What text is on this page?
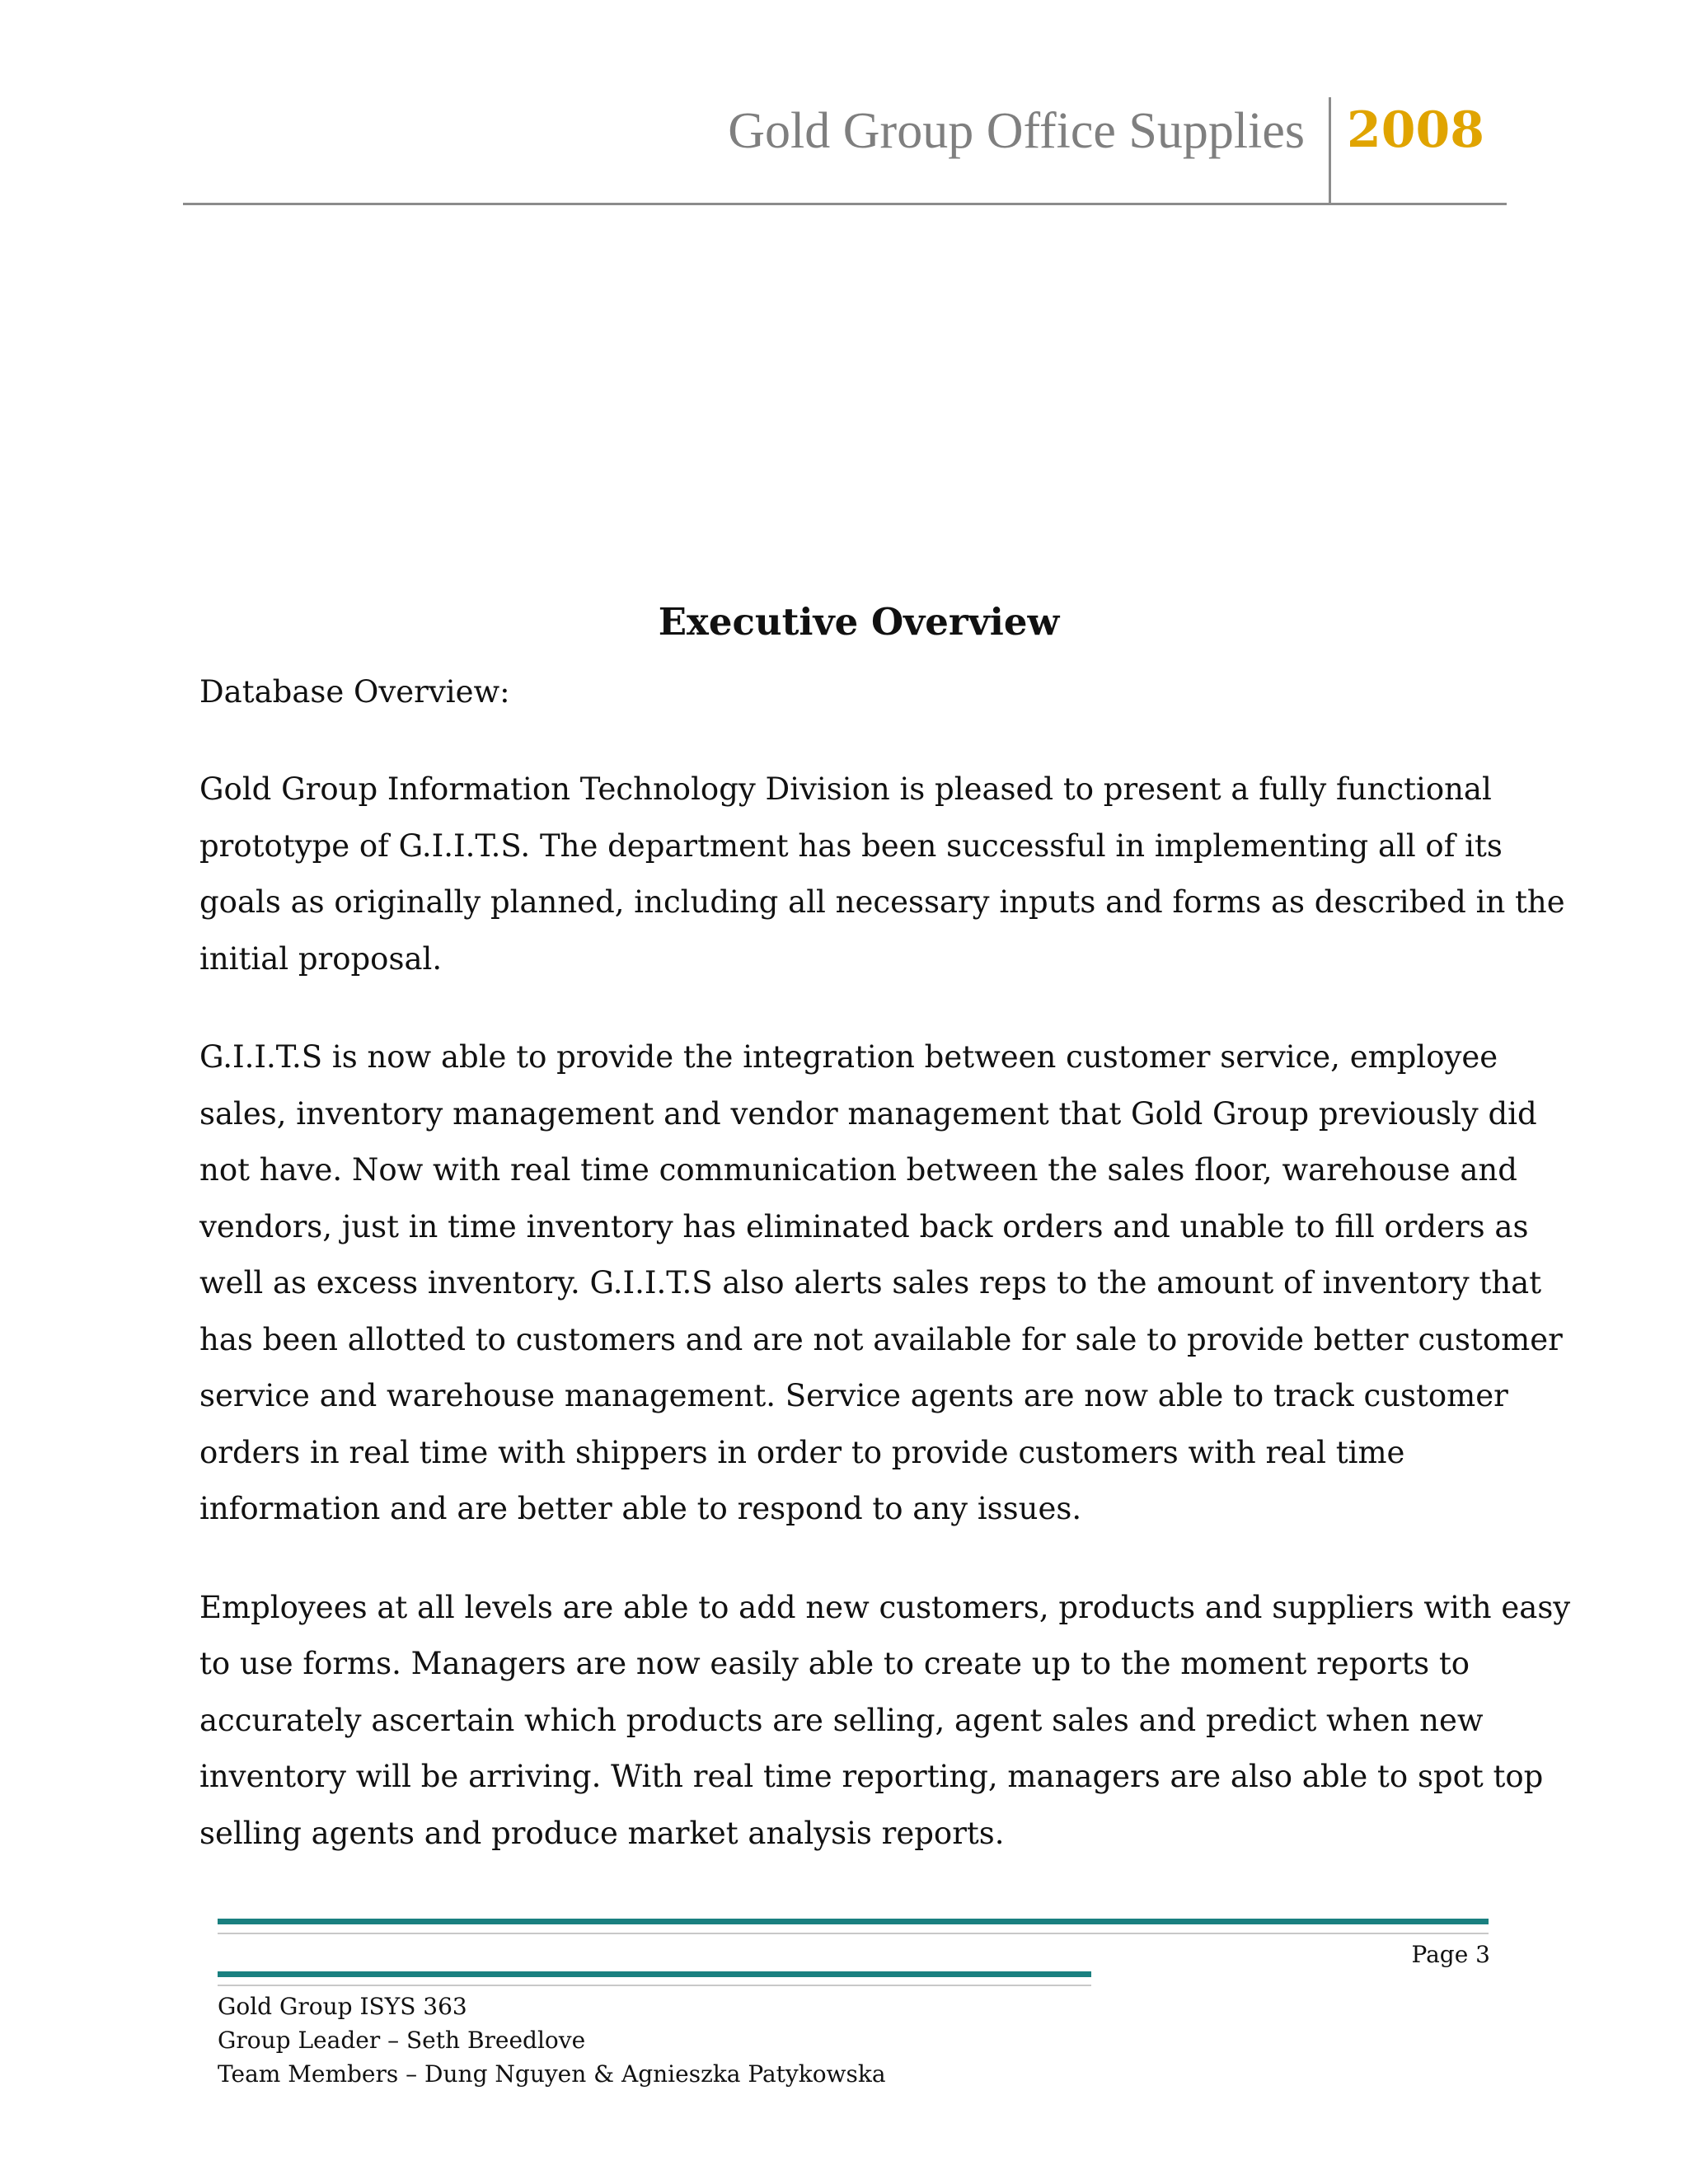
Gold Group Office Supplies 2008
Executive Overview
Database Overview:

Gold Group Information Technology Division is pleased to present a fully functional
prototype of G.I.I.T.S. The department has been successful in implementing all of its
goals as originally planned, including all necessary inputs and forms as described in the
initial proposal.

G.I.I.T.S is now able to provide the integration between customer service, employee
sales, inventory management and vendor management that Gold Group previously did
not have. Now with real time communication between the sales floor, warehouse and
vendors, just in time inventory has eliminated back orders and unable to fill orders as
well as excess inventory. G.I.I.T.S also alerts sales reps to the amount of inventory that
has been allotted to customers and are not available for sale to provide better customer
service and warehouse management. Service agents are now able to track customer
orders in real time with shippers in order to provide customers with real time
information and are better able to respond to any issues.

Employees at all levels are able to add new customers, products and suppliers with easy
to use forms. Managers are now easily able to create up to the moment reports to
accurately ascertain which products are selling, agent sales and predict when new
inventory will be arriving. With real time reporting, managers are also able to spot top
selling agents and produce market analysis reports.

Page 3
Gold Group ISYS 363
Group Leader – Seth Breedlove
Team Members – Dung Nguyen & Agnieszka Patykowska
